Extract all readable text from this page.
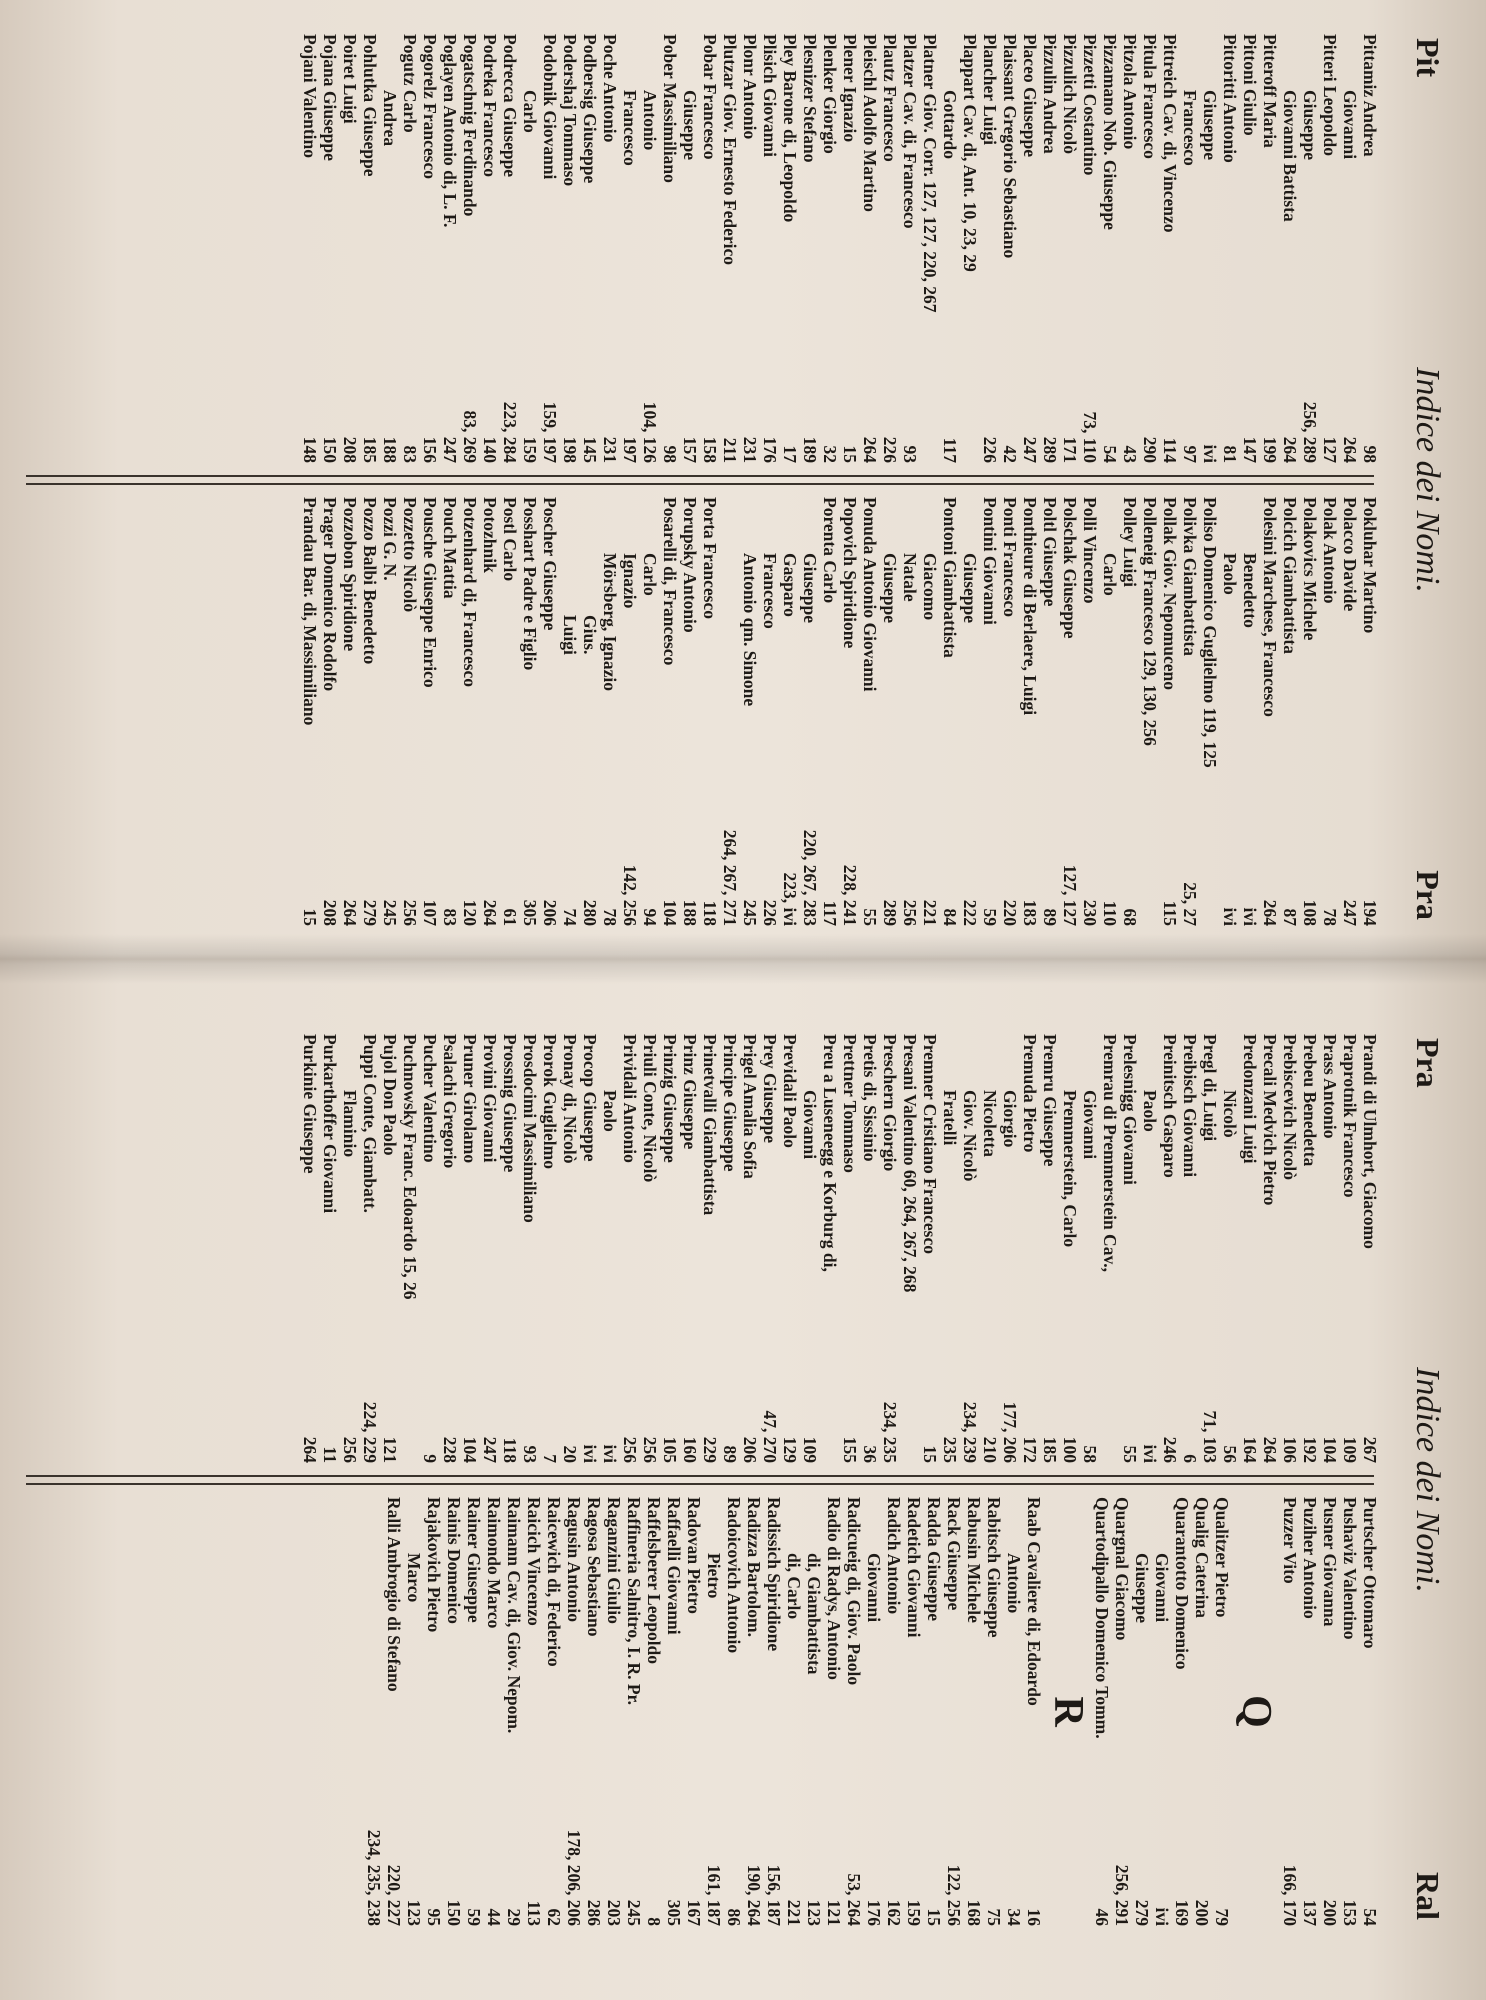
Pit
Indice dei Nomi.
Pra
Pittamiz Andrea
98
Giovanni
264
Pitteri Leopoldo
127
Giuseppe
256, 289
Giovanni Battista
264
Pitteroff Maria
199
Pittoni Giulio
147
Pittoritti Antonio
81
Giuseppe
ivi
Francesco
97
Pittreich Cav. di, Vincenzo
114
Pitula Francesco
290
Pitzola Antonio
43
Pizzamano Nob. Giuseppe
54
Pizzetti Costantino
73, 110
Pizzulich Nicolò
171
Pizzulin Andrea
289
Placeo Giuseppe
247
Plaissant Gregorio Sebastiano
42
Plancher Luigi
226
Plappart Cav. di, Ant. 10, 23, 29
Gottardo
117
Platner Giov. Corr. 127, 127, 220, 267
Platzer Cav. di, Francesco
93
Plautz Francesco
226
Pleischl Adolfo Martino
264
Plener Ignazio
15
Plenker Giorgio
32
Plesnizer Stefano
189
Pley Barone di, Leopoldo
17
Plisich Giovanni
176
Plonr Antonio
231
Plutzar Giov. Ernesto Federico
211
Pobar Francesco
158
Giuseppe
157
Pober Massimiliano
98
Antonio
104, 126
Francesco
197
Poche Antonio
231
Podbersig Giuseppe
145
Podershaj Tommaso
198
Podobnik Giovanni
159, 197
Carlo
159
Podrecca Giuseppe
223, 284
Podreka Francesco
140
Pogatschnig Ferdinando
83, 269
Poglayen Antonio di, L. F.
247
Pogorelz Francesco
156
Pogutz Carlo
83
Andrea
188
Pohlutka Giuseppe
185
Poiret Luigi
208
Pojana Giuseppe
150
Pojani Valentino
148
Pokluhar Martino
194
Polacco Davide
247
Polak Antonio
78
Polakovics Michele
108
Polcich Giambattista
87
Polesini Marchese, Francesco
264
Benedetto
ivi
Paolo
ivi
Poliso Domenico Guglielmo 119, 125
Polivka Giambattista
25, 27
Pollak Giov. Nepomuceno
115
Polleneig Francesco 129, 130, 256
Polley Luigi
68
Carlo
110
Polli Vincenzo
230
Polschak Giuseppe
127, 127
Poltl Giuseppe
89
Ponthieure di Berlaere, Luigi
183
Ponti Francesco
220
Pontini Giovanni
59
Giuseppe
222
Pontoni Giambattista
84
Giacomo
221
Natale
256
Giuseppe
289
Ponuda Antonio Giovanni
55
Popovich Spiridione
228, 241
Porenta Carlo
117
Giuseppe
220, 267, 283
Gasparo
223, ivi
Francesco
226
Antonio qm. Simone
245
264, 267, 271
Porta Francesco
118
Porupsky Antonio
188
Posarelli di, Francesco
104
Carlo
94
Ignazio
142, 256
Mörsberg, Ignazio
78
Gius.
280
Luigi
74
Poscher Giuseppe
206
Posshart Padre e Figlio
305
Postl Carlo
61
Potozhnik
264
Potzenhard di, Francesco
120
Pouch Mattia
83
Pousche Giuseppe Enrico
107
Pozzetto Nicolò
256
Pozzi G. N.
245
Pozzo Balbi Benedetto
279
Pozzobon Spiridione
264
Prager Domenico Rodolfo
208
Prandau Bar. di, Massimiliano
15
Pra
Indice dei Nomi.
Ral
Prandi di Ulmhort, Giacomo
267
Praprotnik Francesco
109
Prass Antonio
104
Prebeu Benedetta
192
Prebiscevich Nicolò
106
Precali Medvich Pietro
264
Predonzani Luigi
164
Nicolò
56
Pregl di, Luigi
71, 103
Preibisch Giovanni
6
Preinitsch Gasparo
246
Paolo
ivi
Prelesnigg Giovanni
55
Premrau di Premmerstein Cav.,
Giovanni
58
Premmerstein, Carlo
100
Premru Giuseppe
185
Premuda Pietro
172
Giorgio
177, 206
Nicoletta
210
Giov. Nicolò
234, 239
Fratelli
235
Premner Cristiano Francesco
15
Presani Valentino 60, 264, 267, 268
Preschern Giorgio
234, 235
Pretis di, Sissinio
36
Prettner Tommaso
155
Preu a Luseneegg e Korburg di,
Giovanni
109
Previdali Paolo
129
Prey Giuseppe
47, 270
Prigel Amalia Sofia
206
Principe Giuseppe
89
Prinetvalli Giambattista
229
Prinz Giuseppe
160
Prinzig Giuseppe
105
Priuli Conte, Nicolò
256
Prividali Antonio
256
Paolo
ivi
Procop Giuseppe
ivi
Pronay di, Nicolò
20
Prorok Guglielmo
7
Prosdocimi Massimiliano
93
Prossnig Giuseppe
118
Provini Giovanni
247
Pruner Girolamo
104
Psalachi Gregorio
228
Pucher Valentino
9
Puchnowsky Franc. Edoardo 15, 26
Pujol Don Paolo
121
Puppi Conte, Giambatt.
224, 229
Flaminio
256
Purkarthoffer Giovanni
11
Purkinie Giuseppe
264
Purtscher Ottomaro
54
Pushaviz Valentino
153
Pusner Giovanna
200
Puziher Antonio
137
Puzzer Vito
166, 170
Q
Qualitzer Pietro
79
Qualig Caterina
200
Quarantotto Domenico
169
Giovanni
ivi
Giuseppe
279
Quargnal Giacomo
256, 291
Quartodipallo Domenico Tomm.
46
R
Raab Cavaliere di, Edoardo
16
Antonio
34
Rabitsch Giuseppe
75
Rabusin Michele
168
Rack Giuseppe
122, 256
Radda Giuseppe
15
Radetich Giovanni
159
Radich Antonio
162
Giovanni
176
Radicueig di, Giov. Paolo
53, 264
Radio di Radys, Antonio
121
di, Giambattista
123
di, Carlo
221
Radissich Spiridione
156, 187
Radizza Bartolom.
190, 264
Radoicovich Antonio
86
Pietro
161, 187
Radovan Pietro
167
Raffaelli Giovanni
305
Raffelsberer Leopoldo
8
Raffineria Salnitro, I. R. Pr.
245
Raganzini Giulio
203
Ragosa Sebastiano
286
Ragusin Antonio
178, 206, 206
Raicewich di, Federico
62
Raicich Vincenzo
113
Raimann Cav. di, Giov. Nepom.
29
Raimondo Marco
44
Rainer Giuseppe
59
Rainis Domenico
150
Rajakovich Pietro
95
Marco
123
Ralli Ambrogio di Stefano
220, 227
234, 235, 238
